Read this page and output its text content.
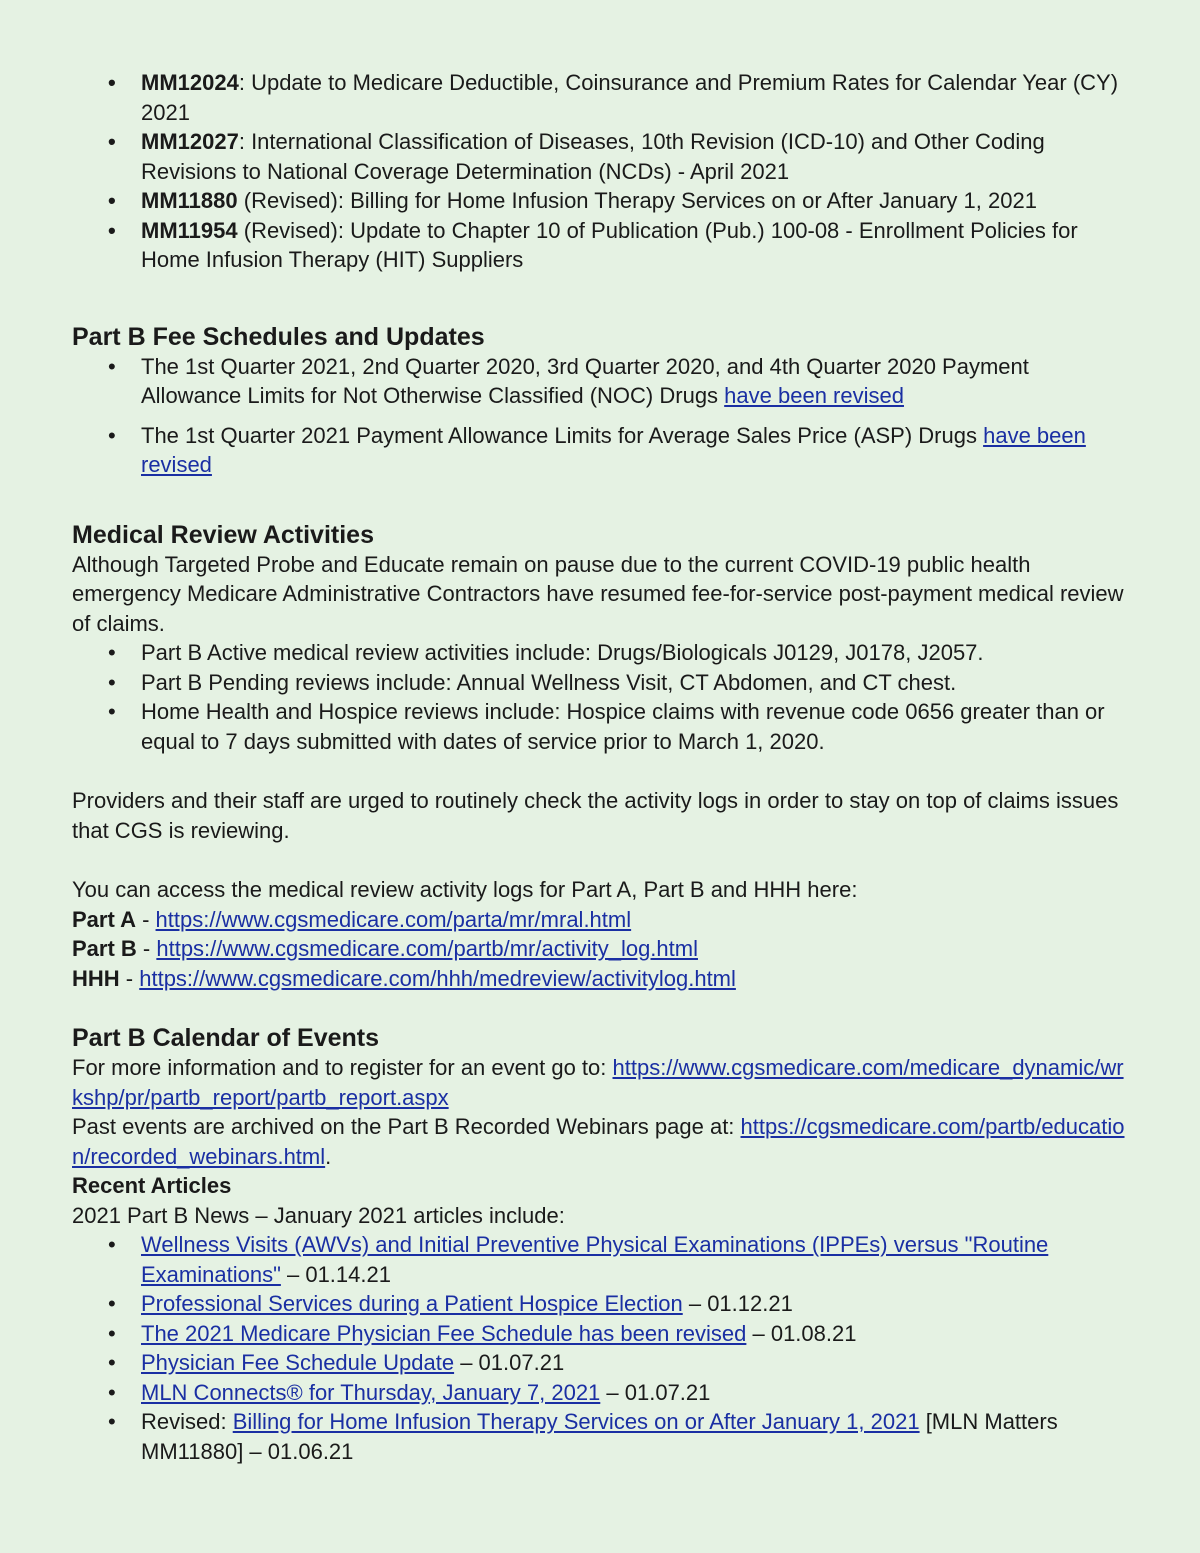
• MM12024: Update to Medicare Deductible, Coinsurance and Premium Rates for Calendar Year (CY) 2021
• MM12027: International Classification of Diseases, 10th Revision (ICD-10) and Other Coding Revisions to National Coverage Determination (NCDs) - April 2021
• MM11880 (Revised): Billing for Home Infusion Therapy Services on or After January 1, 2021
• MM11954 (Revised): Update to Chapter 10 of Publication (Pub.) 100-08 - Enrollment Policies for Home Infusion Therapy (HIT) Suppliers
Part B Fee Schedules and Updates
• The 1st Quarter 2021, 2nd Quarter 2020, 3rd Quarter 2020, and 4th Quarter 2020 Payment Allowance Limits for Not Otherwise Classified (NOC) Drugs have been revised
• The 1st Quarter 2021 Payment Allowance Limits for Average Sales Price (ASP) Drugs have been revised
Medical Review Activities

Although Targeted Probe and Educate remain on pause due to the current COVID-19 public health emergency Medicare Administrative Contractors have resumed fee-for-service post-payment medical review of claims.

• Part B Active medical review activities include: Drugs/Biologicals J0129, J0178, J2057.
• Part B Pending reviews include: Annual Wellness Visit, CT Abdomen, and CT chest.
• Home Health and Hospice reviews include: Hospice claims with revenue code 0656 greater than or equal to 7 days submitted with dates of service prior to March 1, 2020.

Providers and their staff are urged to routinely check the activity logs in order to stay on top of claims issues that CGS is reviewing.

You can access the medical review activity logs for Part A, Part B and HHH here:

Part A - https://www.cgsmedicare.com/parta/mr/mral.html

Part B - https://www.cgsmedicare.com/partb/mr/activity_log.html

HHH - https://www.cgsmedicare.com/hhh/medreview/activitylog.html

Part B Calendar of Events

For more information and to register for an event go to: https://www.cgsmedicare.com/medicare_dynamic/wrkshp/pr/partb_report/partb_report.aspx

Past events are archived on the Part B Recorded Webinars page at: https://cgsmedicare.com/partb/education/recorded_webinars.html.

Recent Articles

2021 Part B News – January 2021 articles include:

• Wellness Visits (AWVs) and Initial Preventive Physical Examinations (IPPEs) versus "Routine Examinations" – 01.14.21
• Professional Services during a Patient Hospice Election – 01.12.21
• The 2021 Medicare Physician Fee Schedule has been revised – 01.08.21
• Physician Fee Schedule Update – 01.07.21
• MLN Connects® for Thursday, January 7, 2021 – 01.07.21
• Revised: Billing for Home Infusion Therapy Services on or After January 1, 2021 [MLN Matters MM11880] – 01.06.21
